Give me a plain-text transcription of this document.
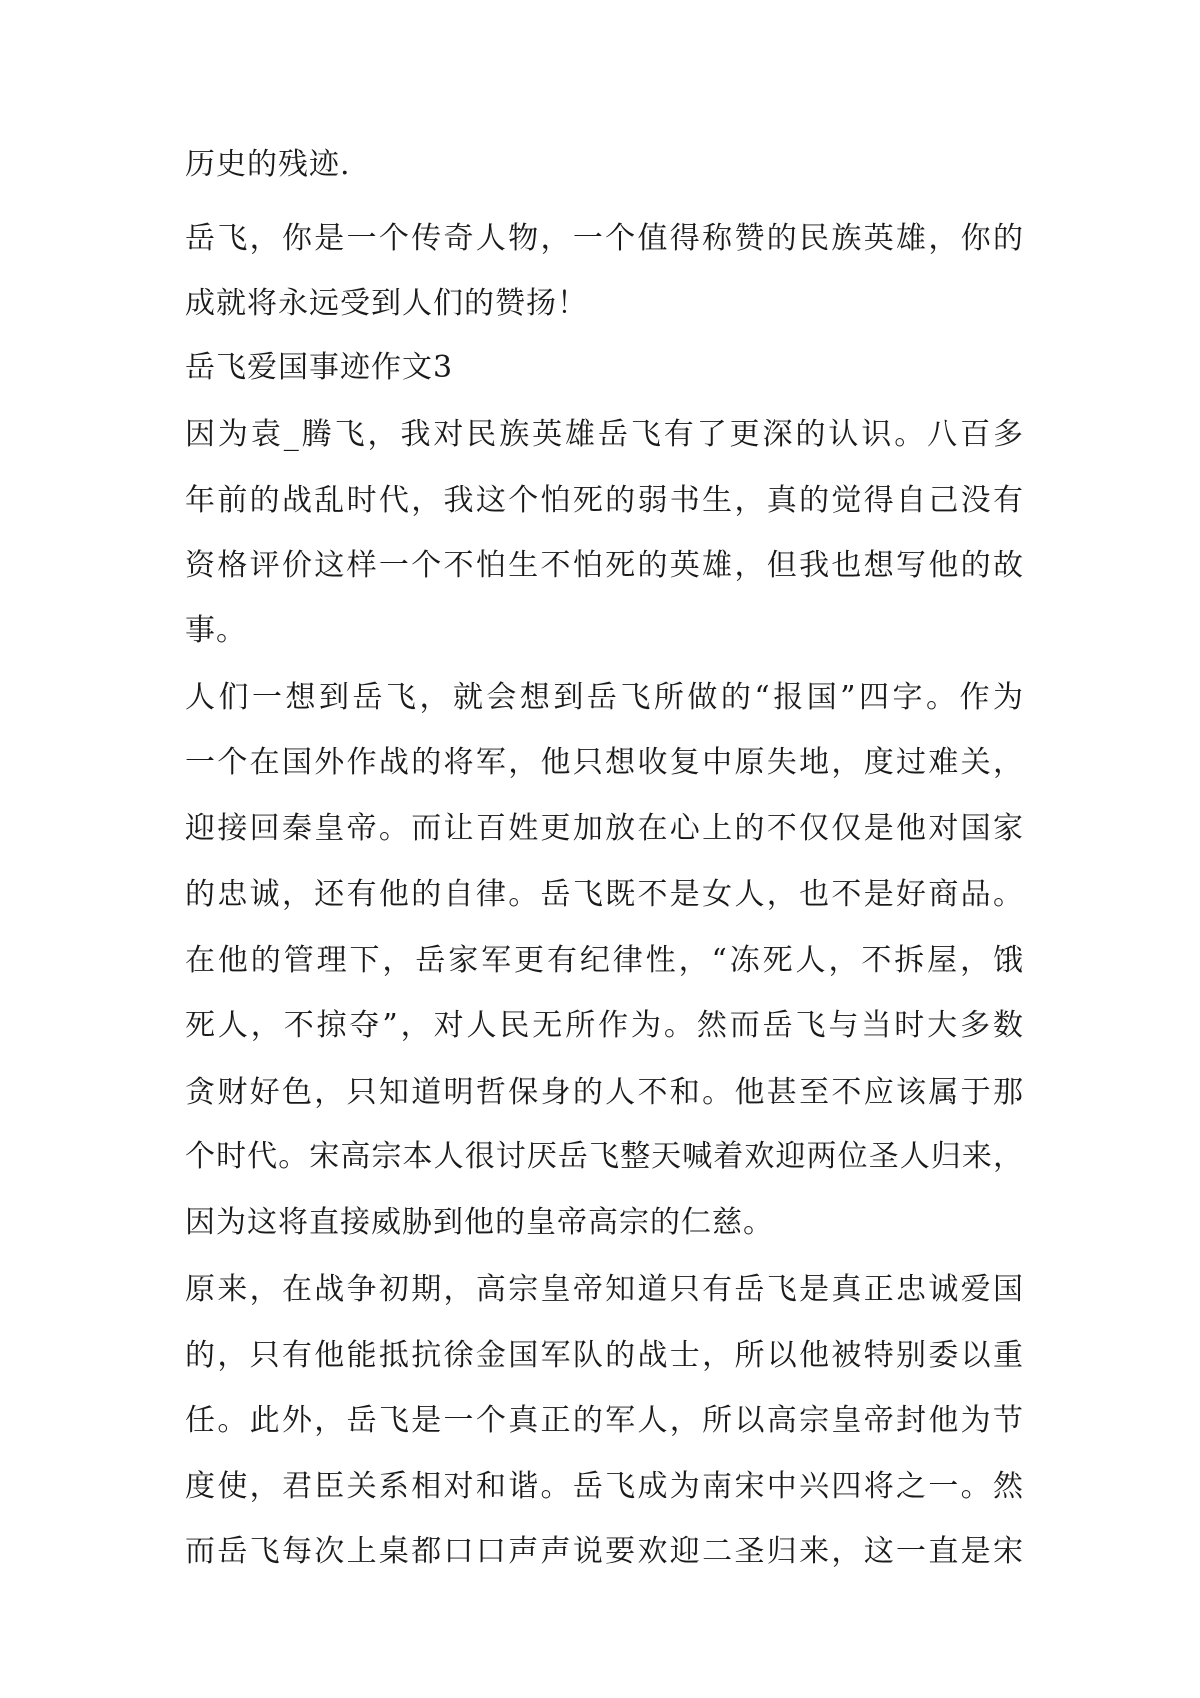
历史的残迹.
岳飞，你是一个传奇人物，一个值得称赞的民族英雄，你的
成就将永远受到人们的赞扬！
岳飞爱国事迹作文3
因为袁_腾飞，我对民族英雄岳飞有了更深的认识。八百多
年前的战乱时代，我这个怕死的弱书生，真的觉得自己没有
资格评价这样一个不怕生不怕死的英雄，但我也想写他的故
事。
人们一想到岳飞，就会想到岳飞所做的“报国”四字。作为
一个在国外作战的将军，他只想收复中原失地，度过难关，
迎接回秦皇帝。而让百姓更加放在心上的不仅仅是他对国家
的忠诚，还有他的自律。岳飞既不是女人，也不是好商品。
在他的管理下，岳家军更有纪律性，“冻死人，不拆屋，饿
死人，不掠夺”，对人民无所作为。然而岳飞与当时大多数
贪财好色，只知道明哲保身的人不和。他甚至不应该属于那
个时代。宋高宗本人很讨厌岳飞整天喊着欢迎两位圣人归来，
因为这将直接威胁到他的皇帝高宗的仁慈。
原来，在战争初期，高宗皇帝知道只有岳飞是真正忠诚爱国
的，只有他能抵抗徐金国军队的战士，所以他被特别委以重
任。此外，岳飞是一个真正的军人，所以高宗皇帝封他为节
度使，君臣关系相对和谐。岳飞成为南宋中兴四将之一。然
而岳飞每次上桌都口口声声说要欢迎二圣归来，这一直是宋
